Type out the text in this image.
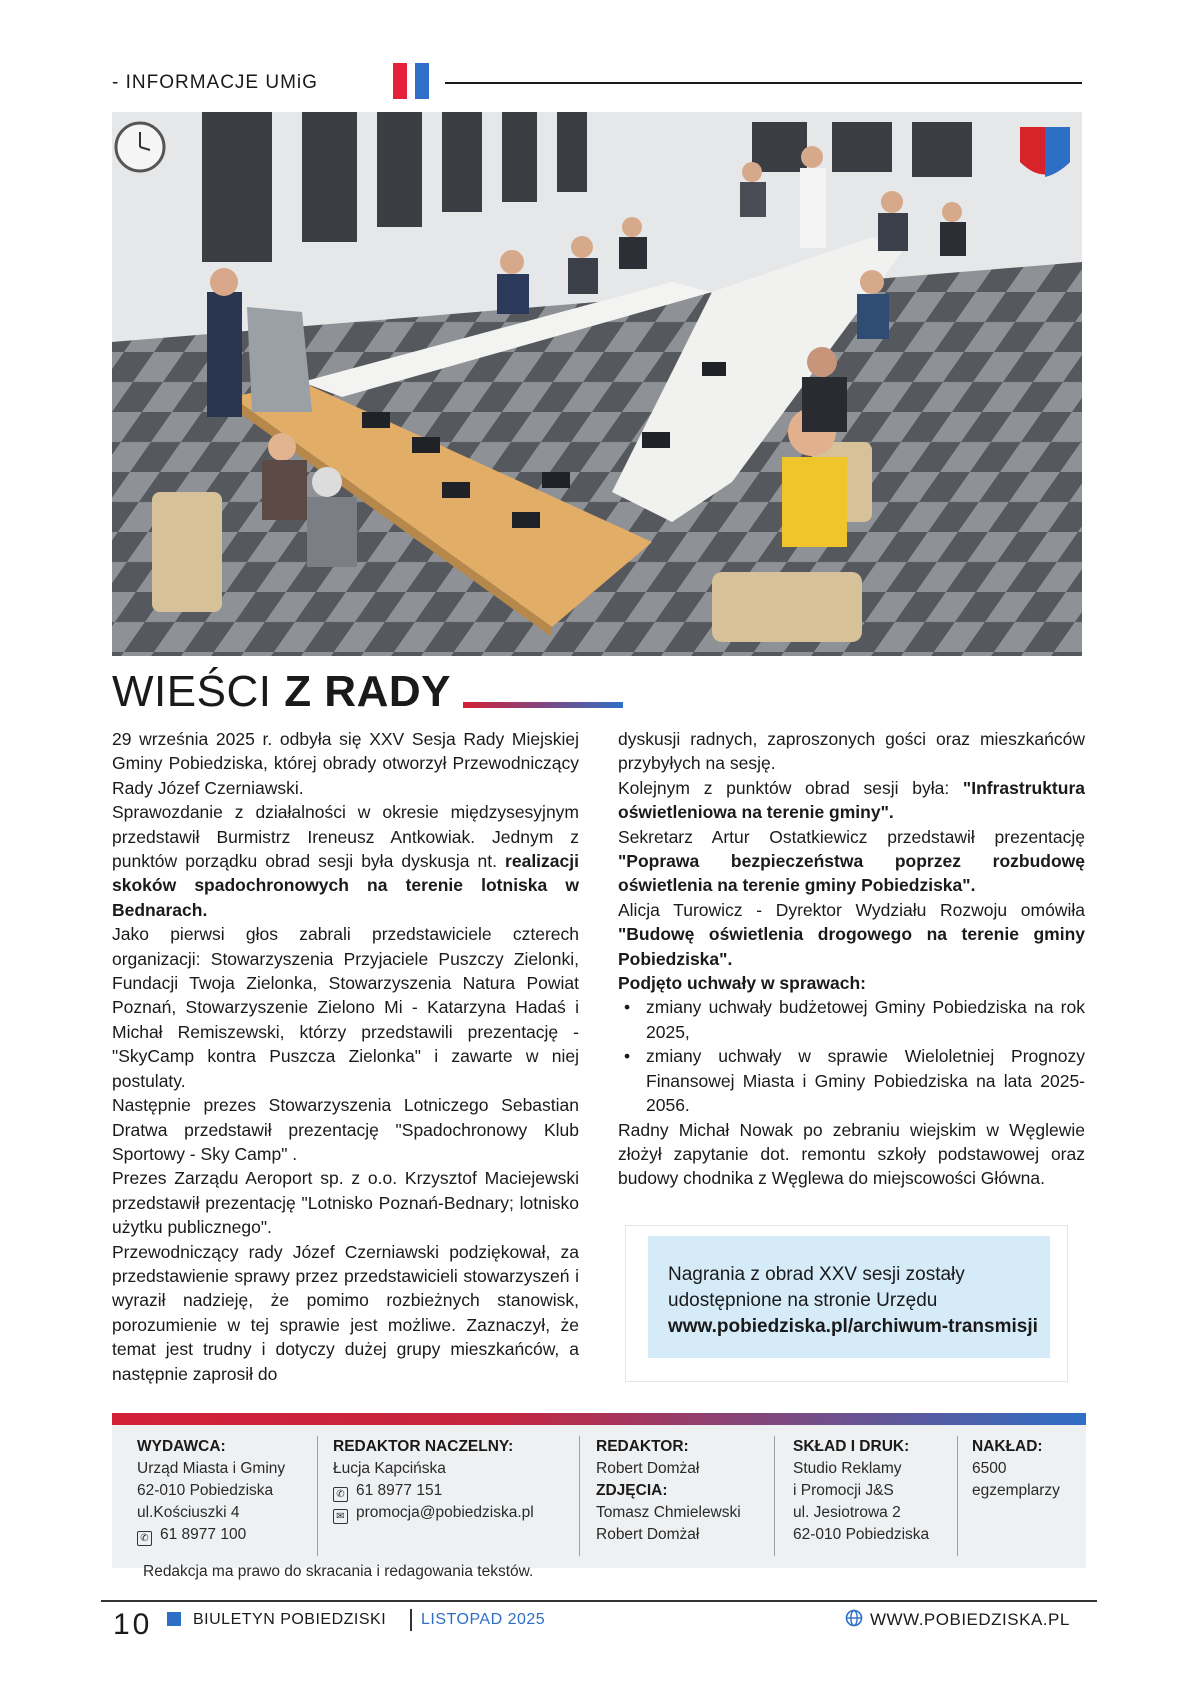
- INFORMACJE UMiG
WIEŚCI Z RADY

29 września 2025 r. odbyła się XXV Sesja Rady Miejskiej Gminy Pobiedziska, której obrady otworzył Przewodniczący Rady Józef Czerniawski.

Sprawozdanie z działalności w okresie międzysesyjnym przedstawił Burmistrz Ireneusz Antkowiak. Jednym z punktów porządku obrad sesji była dyskusja nt. realizacji skoków spadochronowych na terenie lotniska w Bednarach.

Jako pierwsi głos zabrali przedstawiciele czterech organizacji: Stowarzyszenia Przyjaciele Puszczy Zielonki, Fundacji Twoja Zielonka, Stowarzyszenia Natura Powiat Poznań, Stowarzyszenie Zielono Mi - Katarzyna Hadaś i Michał Remiszewski, którzy przedstawili prezentację - "SkyCamp kontra Puszcza Zielonka" i zawarte w niej postulaty.

Następnie prezes Stowarzyszenia Lotniczego Sebastian Dratwa przedstawił prezentację "Spadochronowy Klub Sportowy - Sky Camp" .

Prezes Zarządu Aeroport sp. z o.o. Krzysztof Maciejewski przedstawił prezentację "Lotnisko Poznań-Bednary; lotnisko użytku publicznego".

Przewodniczący rady Józef Czerniawski podziękował, za przedstawienie sprawy przez przedstawicieli stowarzyszeń i wyraził nadzieję, że pomimo rozbieżnych stanowisk, porozumienie w tej sprawie jest możliwe. Zaznaczył, że temat jest trudny i dotyczy dużej grupy mieszkańców, a następnie zaprosił do

dyskusji radnych, zaproszonych gości oraz mieszkańców przybyłych na sesję.

Kolejnym z punktów obrad sesji była: "Infrastruktura oświetleniowa na terenie gminy".

Sekretarz Artur Ostatkiewicz przedstawił prezentację "Poprawa bezpieczeństwa poprzez rozbudowę oświetlenia na terenie gminy Pobiedziska".

Alicja Turowicz - Dyrektor Wydziału Rozwoju omówiła "Budowę oświetlenia drogowego na terenie gminy Pobiedziska".

Podjęto uchwały w sprawach:

• zmiany uchwały budżetowej Gminy Pobiedziska na rok 2025,
• zmiany uchwały w sprawie Wieloletniej Prognozy Finansowej Miasta i Gminy Pobiedziska na lata 2025-2056.

Radny Michał Nowak po zebraniu wiejskim w Węglewie złożył zapytanie dot. remontu szkoły podstawowej oraz budowy chodnika z Węglewa do miejscowości Główna.

Nagrania z obrad XXV sesji zostały
udostępnione na stronie Urzędu
www.pobiedziska.pl/archiwum-transmisji
WYDAWCA:
Urząd Miasta i Gminy
62-010 Pobiedziska
ul.Kościuszki 4
✆ 61 8977 100
REDAKTOR NACZELNY:
Łucja Kapcińska
✆ 61 8977 151
✉ promocja@pobiedziska.pl
REDAKTOR:
Robert Domżał
ZDJĘCIA:
Tomasz Chmielewski
Robert Domżał
SKŁAD I DRUK:
Studio Reklamy
i Promocji J&S
ul. Jesiotrowa 2
62-010 Pobiedziska
NAKŁAD:
6500
egzemplarzy
Redakcja ma prawo do skracania i redagowania tekstów.
10	BIULETYN POBIEDZISKI LISTOPAD 2025	WWW.POBIEDZISKA.PL
